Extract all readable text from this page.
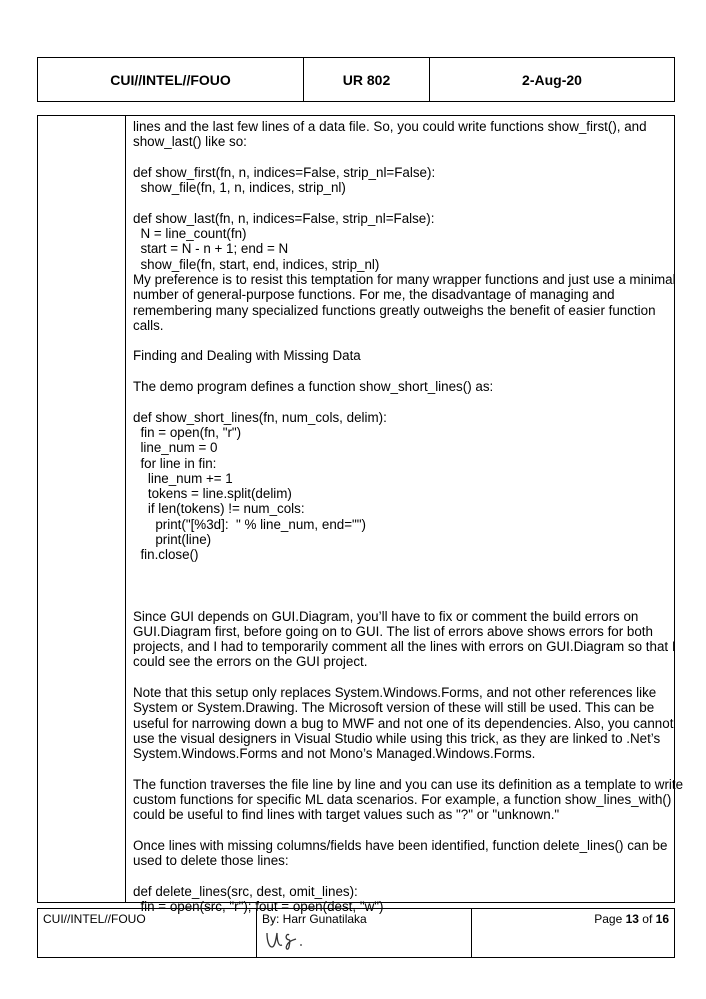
CUI//INTEL//FOUO	UR 802	2-Aug-20
lines and the last few lines of a data file. So, you could write functions show_first(), and
show_last() like so:
def show_first(fn, n, indices=False, strip_nl=False):
show_file(fn, 1, n, indices, strip_nl)
def show_last(fn, n, indices=False, strip_nl=False):
N = line_count(fn)
start = N - n + 1; end = N
show_file(fn, start, end, indices, strip_nl)
My preference is to resist this temptation for many wrapper functions and just use a minimal
number of general-purpose functions. For me, the disadvantage of managing and
remembering many specialized functions greatly outweighs the benefit of easier function
calls.
Finding and Dealing with Missing Data
The demo program defines a function show_short_lines() as:
def show_short_lines(fn, num_cols, delim):
fin = open(fn, "r")
line_num = 0
for line in fin:
line_num += 1
tokens = line.split(delim)
if len(tokens) != num_cols:
print("[%3d]:  " % line_num, end="")
print(line)
fin.close()
Since GUI depends on GUI.Diagram, you’ll have to fix or comment the build errors on
GUI.Diagram first, before going on to GUI. The list of errors above shows errors for both
projects, and I had to temporarily comment all the lines with errors on GUI.Diagram so that I
could see the errors on the GUI project.
Note that this setup only replaces System.Windows.Forms, and not other references like
System or System.Drawing. The Microsoft version of these will still be used. This can be
useful for narrowing down a bug to MWF and not one of its dependencies. Also, you cannot
use the visual designers in Visual Studio while using this trick, as they are linked to .Net’s
System.Windows.Forms and not Mono’s Managed.Windows.Forms.
The function traverses the file line by line and you can use its definition as a template to write
custom functions for specific ML data scenarios. For example, a function show_lines_with()
could be useful to find lines with target values such as "?" or "unknown."
Once lines with missing columns/fields have been identified, function delete_lines() can be
used to delete those lines:
def delete_lines(src, dest, omit_lines):
fin = open(src, "r"); fout = open(dest, "w")
CUI//INTEL//FOUO	By: Harr Gunatilaka	Page 13 of 16
